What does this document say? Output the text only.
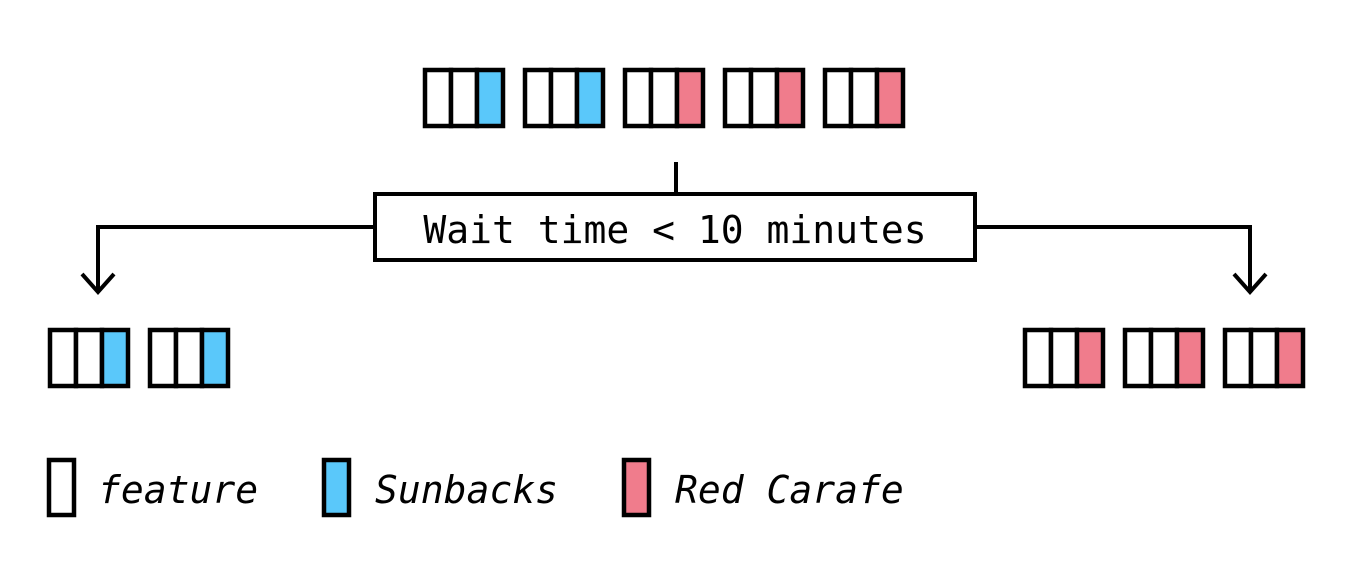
Wait time < 10 minutes
feature	Sunbacks	Red Carafe
